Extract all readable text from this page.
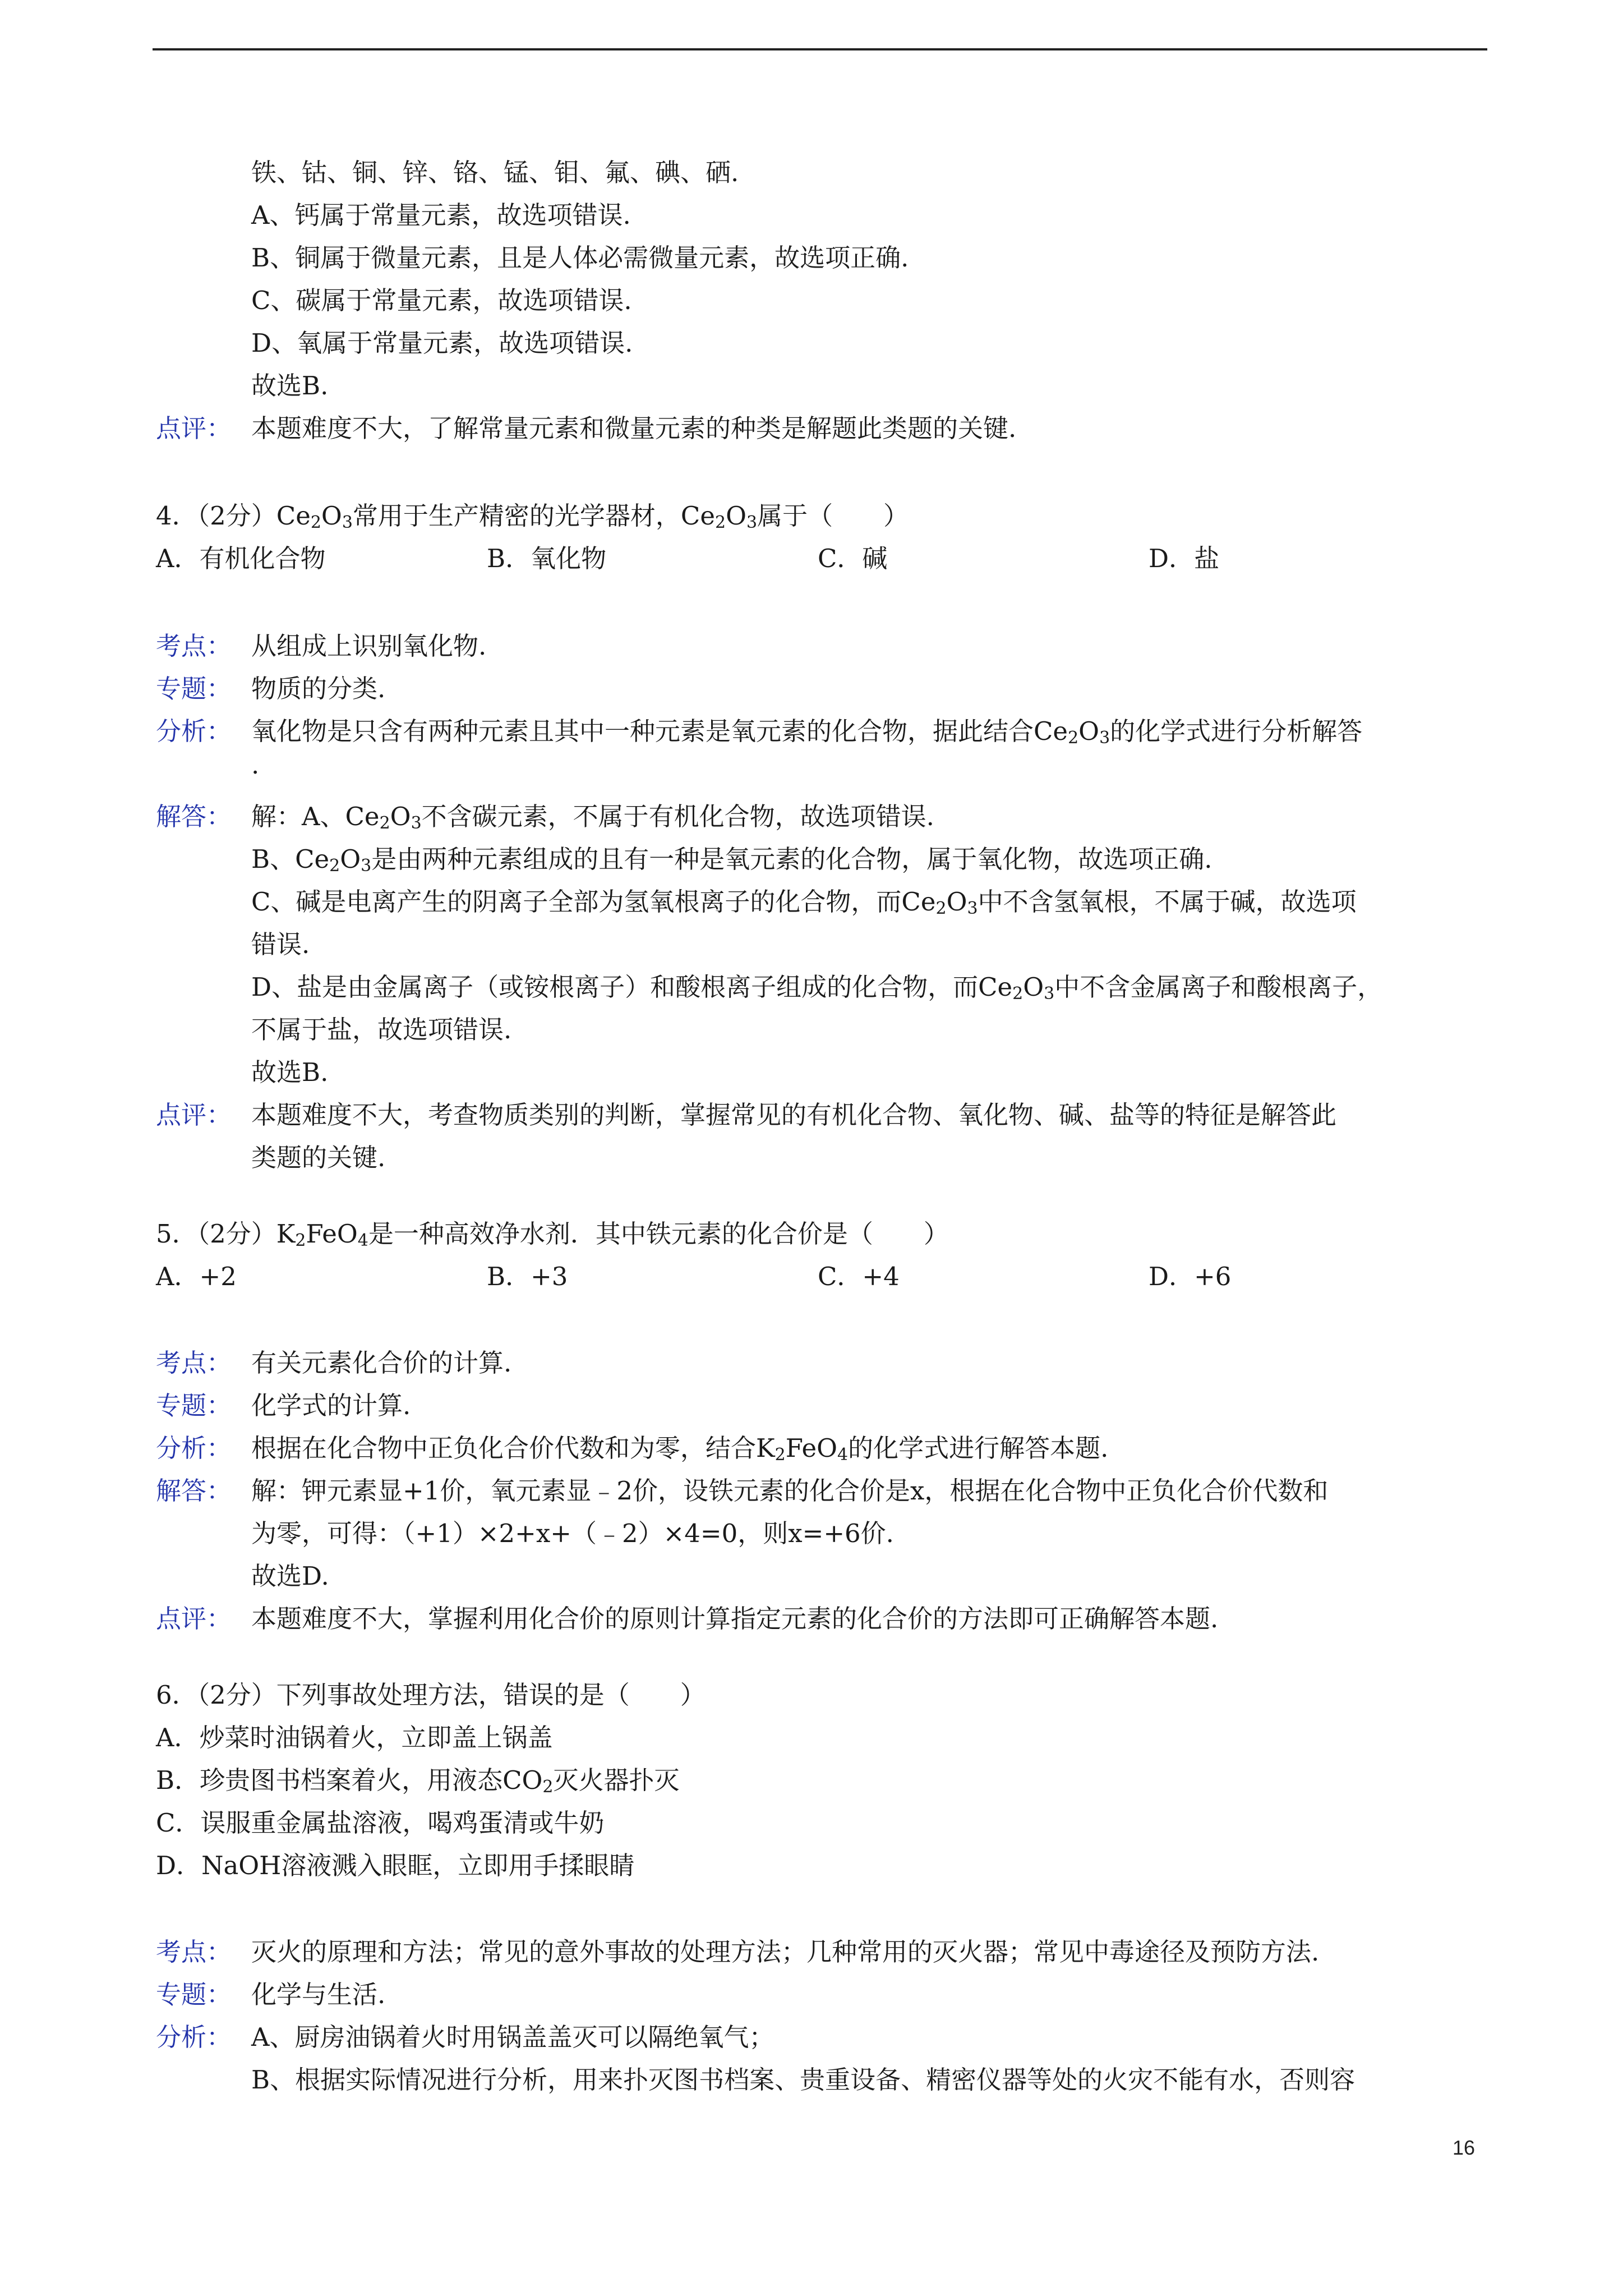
铁、钴、铜、锌、铬、锰、钼、氟、碘、硒.
A、钙属于常量元素，故选项错误.
B、铜属于微量元素，且是人体必需微量元素，故选项正确.
C、碳属于常量元素，故选项错误.
D、氧属于常量元素，故选项错误.
故选B.
点评： 本题难度不大，了解常量元素和微量元素的种类是解题此类题的关键.
4．（2分）$Ce_2O_3$常用于生产精密的光学器材，$Ce_2O_3$属于（　　）
A．有机化合物	B．氧化物	C．碱	D．盐
考点： 从组成上识别氧化物.
专题： 物质的分类.
分析： 氧化物是只含有两种元素且其中一种元素是氧元素的化合物，据此结合$Ce_2O_3$的化学式进行分析解答
.
解答： 解：A、$Ce_2O_3$不含碳元素，不属于有机化合物，故选项错误.
B、$Ce_2O_3$是由两种元素组成的且有一种是氧元素的化合物，属于氧化物，故选项正确.
C、碱是电离产生的阴离子全部为氢氧根离子的化合物，而$Ce_2O_3$中不含氢氧根，不属于碱，故选项
错误.
D、盐是由金属离子（或铵根离子）和酸根离子组成的化合物，而$Ce_2O_3$中不含金属离子和酸根离子，
不属于盐，故选项错误.
故选B.
点评： 本题难度不大，考查物质类别的判断，掌握常见的有机化合物、氧化物、碱、盐等的特征是解答此
类题的关键.
5．（2分）$K_2FeO_4$是一种高效净水剂．其中铁元素的化合价是（　　）
A．+2	B．+3	C．+4	D．+6
考点： 有关元素化合价的计算.
专题： 化学式的计算.
分析： 根据在化合物中正负化合价代数和为零，结合$K_2FeO_4$的化学式进行解答本题.
解答： 解：钾元素显+1价，氧元素显﹣2价，设铁元素的化合价是x，根据在化合物中正负化合价代数和
为零，可得：（+1）×2+x+（﹣2）×4=0，则x=+6价.
故选D.
点评： 本题难度不大，掌握利用化合价的原则计算指定元素的化合价的方法即可正确解答本题.
6．（2分）下列事故处理方法，错误的是（　　）
A．炒菜时油锅着火，立即盖上锅盖
B．珍贵图书档案着火，用液态$CO_2$灭火器扑灭
C．误服重金属盐溶液，喝鸡蛋清或牛奶
D．NaOH溶液溅入眼眶，立即用手揉眼睛
考点： 灭火的原理和方法；常见的意外事故的处理方法；几种常用的灭火器；常见中毒途径及预防方法.
专题： 化学与生活.
分析： A、厨房油锅着火时用锅盖盖灭可以隔绝氧气；
B、根据实际情况进行分析，用来扑灭图书档案、贵重设备、精密仪器等处的火灾不能有水，否则容
16
